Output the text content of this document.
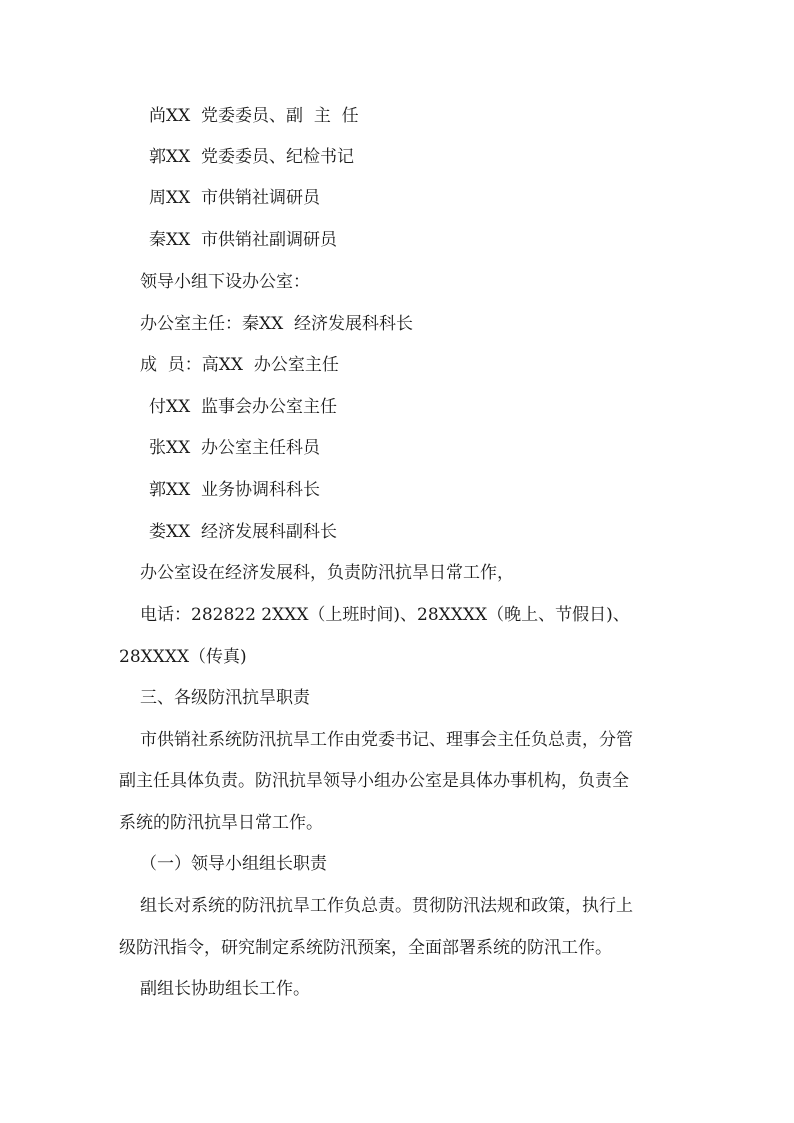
尚XX  党委委员、副  主  任
郭XX  党委委员、纪检书记
周XX  市供销社调研员
秦XX  市供销社副调研员
领导小组下设办公室：
办公室主任：秦XX  经济发展科科长
成  员：高XX  办公室主任
付XX  监事会办公室主任
张XX  办公室主任科员
郭XX  业务协调科科长
娄XX  经济发展科副科长
办公室设在经济发展科，负责防汛抗旱日常工作，
电话：282822 2XXX（上班时间)、28XXXX（晚上、节假日)、
28XXXX（传真)
三、各级防汛抗旱职责
市供销社系统防汛抗旱工作由党委书记、理事会主任负总责，分管
副主任具体负责。防汛抗旱领导小组办公室是具体办事机构，负责全
系统的防汛抗旱日常工作。
（一）领导小组组长职责
组长对系统的防汛抗旱工作负总责。贯彻防汛法规和政策，执行上
级防汛指令，研究制定系统防汛预案，全面部署系统的防汛工作。
副组长协助组长工作。
